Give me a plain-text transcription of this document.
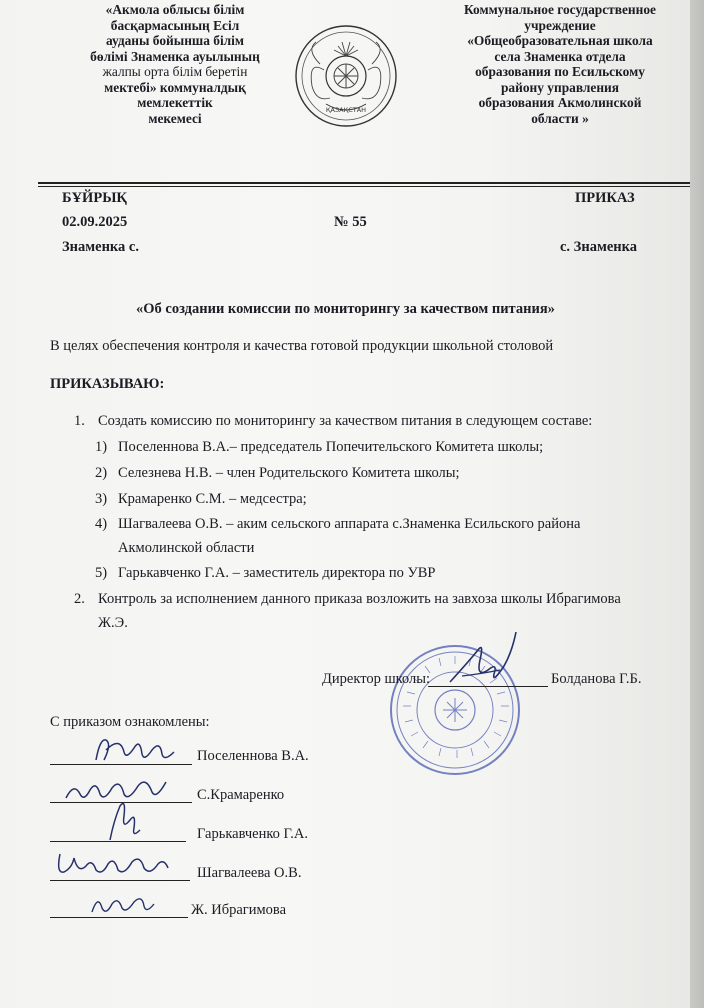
«Акмола облысы білім
басқармасының Есіл
ауданы бойынша білім
бөлімі Знаменка ауылының
жалпы орта білім беретін
мектебі» коммуналдық
мемлекеттік
мекемесі
ҚАЗАҚСТАН
Коммунальное государственное
учреждение
«Общеобразовательная школа
села Знаменка отдела
образования по Есильскому
району управления
образования Акмолинской
области »
БҰЙРЫҚ	ПРИКАЗ
02.09.2025	№ 55
Знаменка с.	с. Знаменка
«Об создании комиссии по мониторингу за качеством питания»
В целях обеспечения контроля и качества готовой продукции школьной столовой
ПРИКАЗЫВАЮ:
1. Создать комиссию по мониторингу за качеством питания в следующем составе:
1) Поселеннова В.А.– председатель Попечительского Комитета школы;
2) Селезнева Н.В. – член Родительского Комитета школы;
3) Крамаренко С.М. – медсестра;
4) Шагвалеева О.В. – аким сельского аппарата с.Знаменка Есильского района
Акмолинской области
5) Гарькавченко Г.А. – заместитель директора по УВР
2. Контроль за исполнением данного приказа возложить на завхоза школы Ибрагимова
Ж.Э.
Директор школы:	Болданова Г.Б.
С приказом ознакомлены:
Поселеннова В.А.
С.Крамаренко
Гарькавченко Г.А.
Шагвалеева О.В.
Ж. Ибрагимова
